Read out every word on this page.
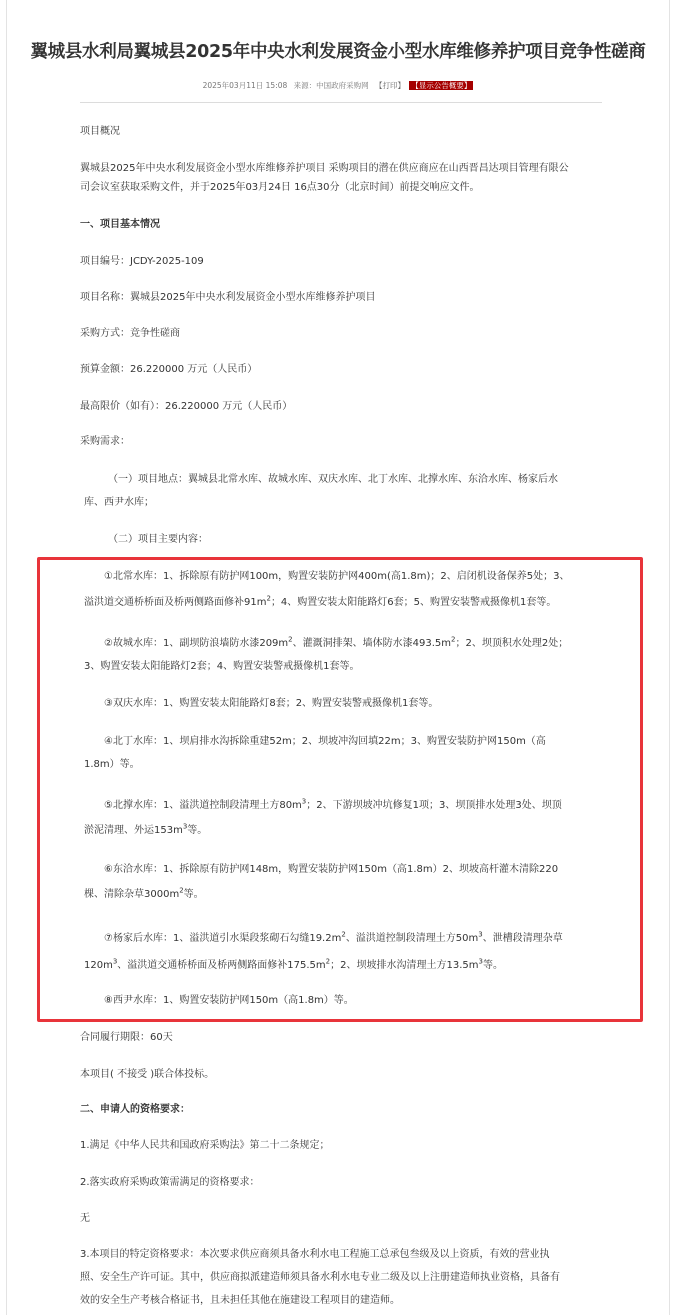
翼城县水利局翼城县2025年中央水利发展资金小型水库维修养护项目竞争性磋商
2025年03月11日 15:08 来源：中国政府采购网 【打印】 【显示公告概要】
项目概况
翼城县2025年中央水利发展资金小型水库维修养护项目 采购项目的潜在供应商应在山西晋昌达项目管理有限公
司会议室获取采购文件，并于2025年03月24日 16点30分（北京时间）前提交响应文件。
一、项目基本情况
项目编号：JCDY-2025-109
项目名称：翼城县2025年中央水利发展资金小型水库维修养护项目
采购方式：竞争性磋商
预算金额：26.220000 万元（人民币）
最高限价（如有）：26.220000 万元（人民币）
采购需求：
（一）项目地点：翼城县北常水库、故城水库、双庆水库、北丁水库、北撑水库、东洽水库、杨家后水
库、西尹水库；
（二）项目主要内容：
①北常水库：1、拆除原有防护网100m，购置安装防护网400m(高1.8m)；2、启闭机设备保养5处；3、
溢洪道交通桥桥面及桥两侧路面修补$91m^2$；4、购置安装太阳能路灯6套；5、购置安装警戒摄像机1套等。
②故城水库：1、副坝防浪墙防水漆$209m^2$、灌溉洞排架、墙体防水漆$493.5m^2$；2、坝顶积水处理2处；
3、购置安装太阳能路灯2套；4、购置安装警戒摄像机1套等。
③双庆水库：1、购置安装太阳能路灯8套；2、购置安装警戒摄像机1套等。
④北丁水库：1、坝肩排水沟拆除重建52m；2、坝坡冲沟回填22m；3、购置安装防护网150m（高
1.8m）等。
⑤北撑水库：1、溢洪道控制段清理土方$80m^3$；2、下游坝坡冲坑修复1项；3、坝顶排水处理3处、坝顶
淤泥清理、外运$153m^3$等。
⑥东洽水库：1、拆除原有防护网148m，购置安装防护网150m（高1.8m）2、坝坡高杆灌木清除220
棵、清除杂草$3000m^2$等。
⑦杨家后水库：1、溢洪道引水渠段浆砌石勾缝$19.2m^2$、溢洪道控制段清理土方$50m^3$、泄槽段清理杂草
$120m^3$、溢洪道交通桥桥面及桥两侧路面修补$175.5m^2$；2、坝坡排水沟清理土方$13.5m^3$等。
⑧西尹水库：1、购置安装防护网150m（高1.8m）等。
合同履行期限：60天
本项目( 不接受 )联合体投标。
二、申请人的资格要求：
1.满足《中华人民共和国政府采购法》第二十二条规定；
2.落实政府采购政策需满足的资格要求：
无
3.本项目的特定资格要求：本次要求供应商须具备水利水电工程施工总承包叁级及以上资质，有效的营业执
照、安全生产许可证。其中，供应商拟派建造师须具备水利水电专业二级及以上注册建造师执业资格，具备有
效的安全生产考核合格证书，且未担任其他在施建设工程项目的建造师。
